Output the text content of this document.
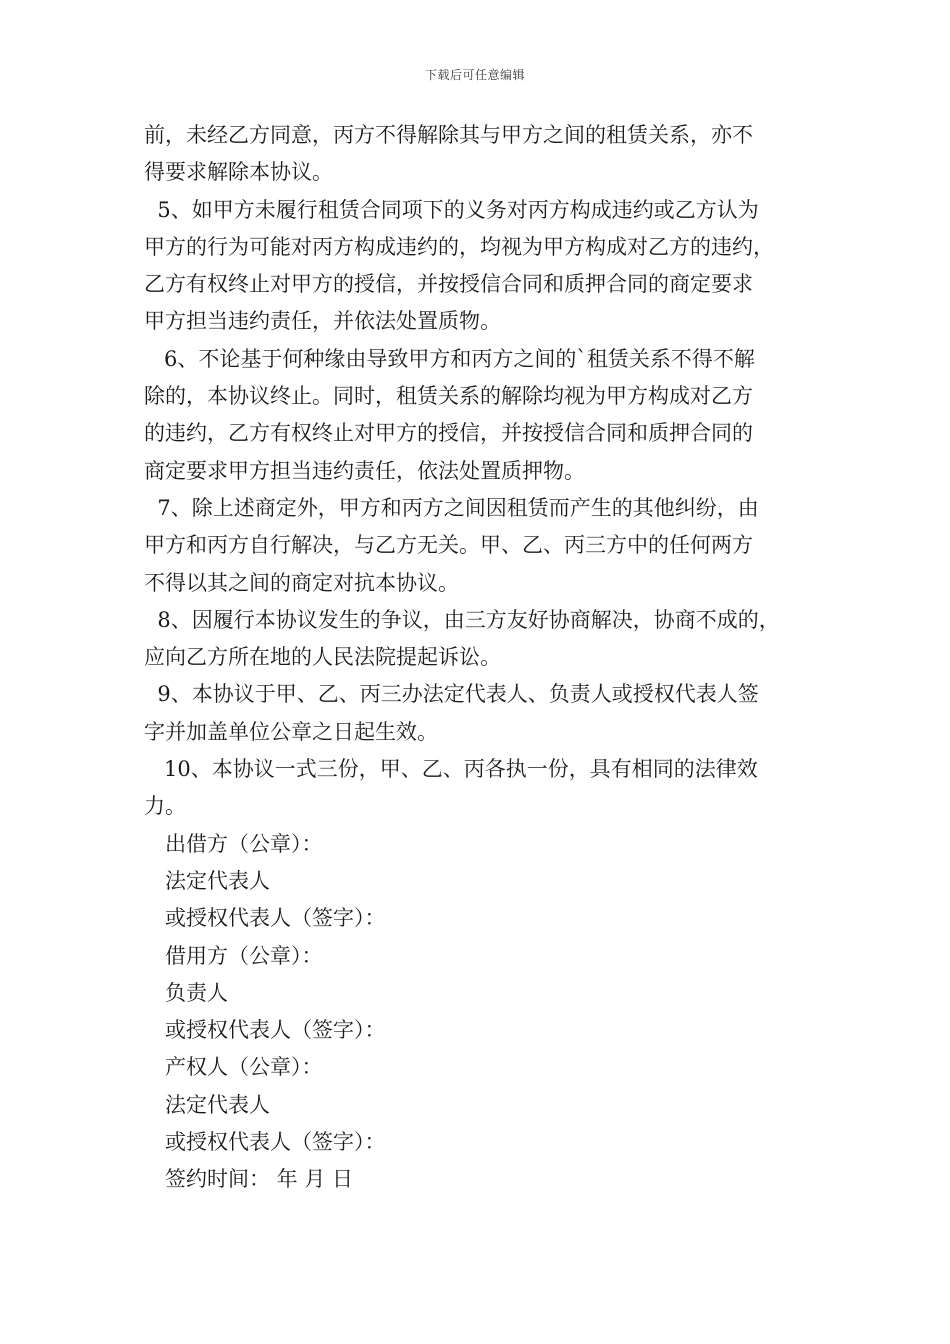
下载后可任意编辑
前，未经乙方同意，丙方不得解除其与甲方之间的租赁关系，亦不
得要求解除本协议。
5、如甲方未履行租赁合同项下的义务对丙方构成违约或乙方认为
甲方的行为可能对丙方构成违约的，均视为甲方构成对乙方的违约，
乙方有权终止对甲方的授信，并按授信合同和质押合同的商定要求
甲方担当违约责任，并依法处置质物。
6、不论基于何种缘由导致甲方和丙方之间的`租赁关系不得不解
除的，本协议终止。同时，租赁关系的解除均视为甲方构成对乙方
的违约，乙方有权终止对甲方的授信，并按授信合同和质押合同的
商定要求甲方担当违约责任，依法处置质押物。
7、除上述商定外，甲方和丙方之间因租赁而产生的其他纠纷，由
甲方和丙方自行解决，与乙方无关。甲、乙、丙三方中的任何两方
不得以其之间的商定对抗本协议。
8、因履行本协议发生的争议，由三方友好协商解决，协商不成的，
应向乙方所在地的人民法院提起诉讼。
9、本协议于甲、乙、丙三办法定代表人、负责人或授权代表人签
字并加盖单位公章之日起生效。
10、本协议一式三份，甲、乙、丙各执一份，具有相同的法律效
力。

出借方（公章）：

法定代表人

或授权代表人（签字）：

借用方（公章）：

负责人

或授权代表人（签字）：

产权人（公章）：

法定代表人

或授权代表人（签字）：

签约时间： 年 月 日
